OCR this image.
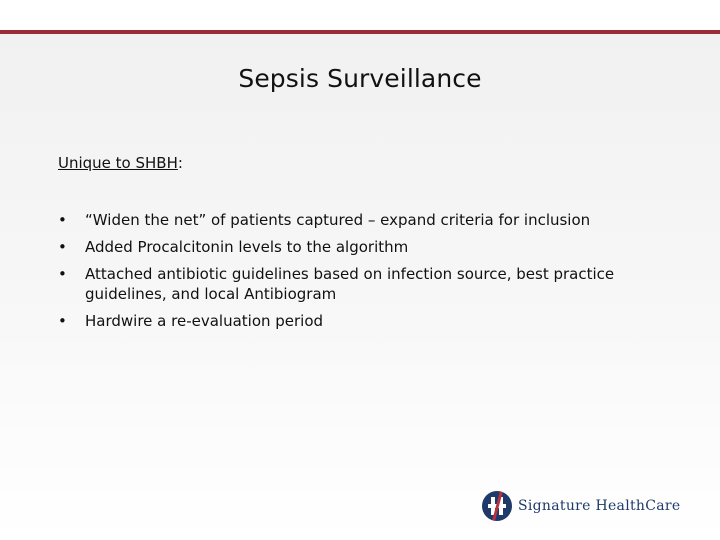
Sepsis Surveillance
Unique to SHBH:
• “Widen the net” of patients captured – expand criteria for inclusion
• Added Procalcitonin levels to the algorithm
• Attached antibiotic guidelines based on infection source, best practice guidelines, and local Antibiogram
• Hardwire a re-evaluation period
Signature HealthCare
